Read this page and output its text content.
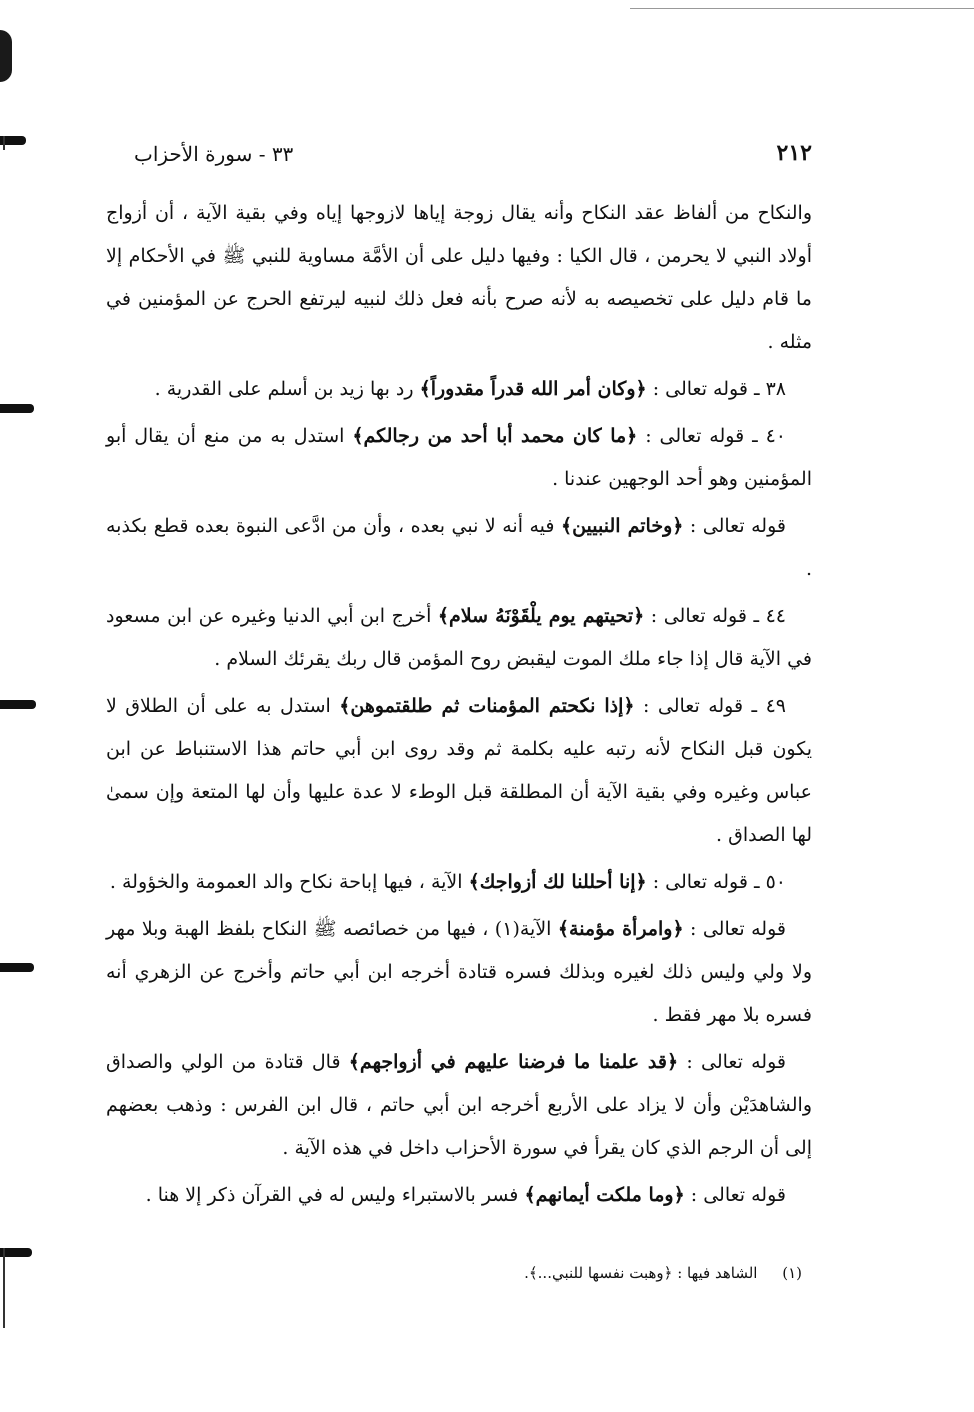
٢١٢
٣٣ - سورة الأحزاب

والنكاح من ألفاظ عقد النكاح وأنه يقال زوجة إياها لازوجها إياه وفي بقية الآية ، أن أزواج أولاد النبي لا يحرمن ، قال الكيا : وفيها دليل على أن الأمَّة مساوية للنبي ﷺ في الأحكام إلا ما قام دليل على تخصيصه به لأنه صرح بأنه فعل ذلك لنبيه ليرتفع الحرج عن المؤمنين في مثله .

٣٨ ـ قوله تعالى : ﴿وكان أمر الله قدراً مقدوراً﴾ رد بها زيد بن أسلم على القدرية .

٤٠ ـ قوله تعالى : ﴿ما كان محمد أبا أحد من رجالكم﴾ استدل به من منع أن يقال أبو المؤمنين وهو أحد الوجهين عندنا .

قوله تعالى : ﴿وخاتم النبيين﴾ فيه أنه لا نبي بعده ، وأن من ادَّعى النبوة بعده قطع بكذبه .

٤٤ ـ قوله تعالى : ﴿تحيتهم يوم يلْقَوْنَهُ سلام﴾ أخرج ابن أبي الدنيا وغيره عن ابن مسعود في الآية قال إذا جاء ملك الموت ليقبض روح المؤمن قال ربك يقرئك السلام .

٤٩ ـ قوله تعالى : ﴿إذا نكحتم المؤمنات ثم طلقتموهن﴾ استدل به على أن الطلاق لا يكون قبل النكاح لأنه رتبه عليه بكلمة ثم وقد روى ابن أبي حاتم هذا الاستنباط عن ابن عباس وغيره وفي بقية الآية أن المطلقة قبل الوطء لا عدة عليها وأن لها المتعة وإن سمىٰ لها الصداق .

٥٠ ـ قوله تعالى : ﴿إنا أحللنا لك أزواجك﴾ الآية ، فيها إباحة نكاح والد العمومة والخؤولة .

قوله تعالى : ﴿وامرأة مؤمنة﴾ الآية(١) ، فيها من خصائصه ﷺ النكاح بلفظ الهبة وبلا مهر ولا ولي وليس ذلك لغيره وبذلك فسره قتادة أخرجه ابن أبي حاتم وأخرج عن الزهري أنه فسره بلا مهر فقط .

قوله تعالى : ﴿قد علمنا ما فرضنا عليهم في أزواجهم﴾ قال قتادة من الولي والصداق والشاهدَيْن وأن لا يزاد على الأربع أخرجه ابن أبي حاتم ، قال ابن الفرس : وذهب بعضهم إلى أن الرجم الذي كان يقرأ في سورة الأحزاب داخل في هذه الآية .

قوله تعالى : ﴿وما ملكت أيمانهم﴾ فسر بالاستبراء وليس له في القرآن ذكر إلا هنا .

(١) الشاهد فيها : ﴿وهبت نفسها للنبي...﴾.
